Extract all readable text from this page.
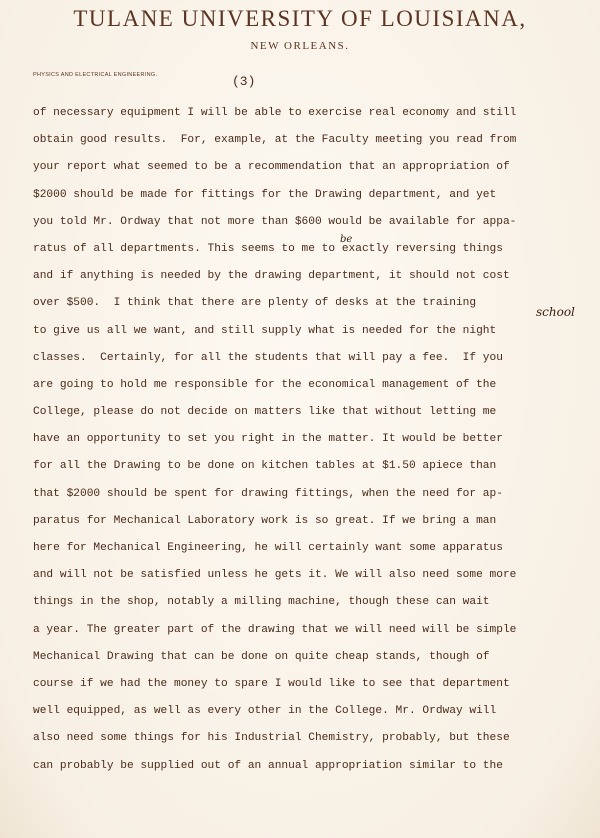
TULANE UNIVERSITY OF LOUISIANA,
NEW ORLEANS.
PHYSICS AND ELECTRICAL ENGINEERING.	(3)
of necessary equipment I will be able to exercise real economy and still
obtain good results.  For, example, at the Faculty meeting you read from
your report what seemed to be a recommendation that an appropriation of
$2000 should be made for fittings for the Drawing department, and yet
you told Mr. Ordway that not more than $600 would be available for appa-
ratus of all departments. This seems to me to exactly reversing things
and if anything is needed by the drawing department, it should not cost
over $500.  I think that there are plenty of desks at the training
to give us all we want, and still supply what is needed for the night
classes.  Certainly, for all the students that will pay a fee.  If you
are going to hold me responsible for the economical management of the
College, please do not decide on matters like that without letting me
have an opportunity to set you right in the matter. It would be better
for all the Drawing to be done on kitchen tables at $1.50 apiece than
that $2000 should be spent for drawing fittings, when the need for ap-
paratus for Mechanical Laboratory work is so great. If we bring a man
here for Mechanical Engineering, he will certainly want some apparatus
and will not be satisfied unless he gets it. We will also need some more
things in the shop, notably a milling machine, though these can wait
a year. The greater part of the drawing that we will need will be simple
Mechanical Drawing that can be done on quite cheap stands, though of
course if we had the money to spare I would like to see that department
well equipped, as well as every other in the College. Mr. Ordway will
also need some things for his Industrial Chemistry, probably, but these
can probably be supplied out of an annual appropriation similar to the
be
school
